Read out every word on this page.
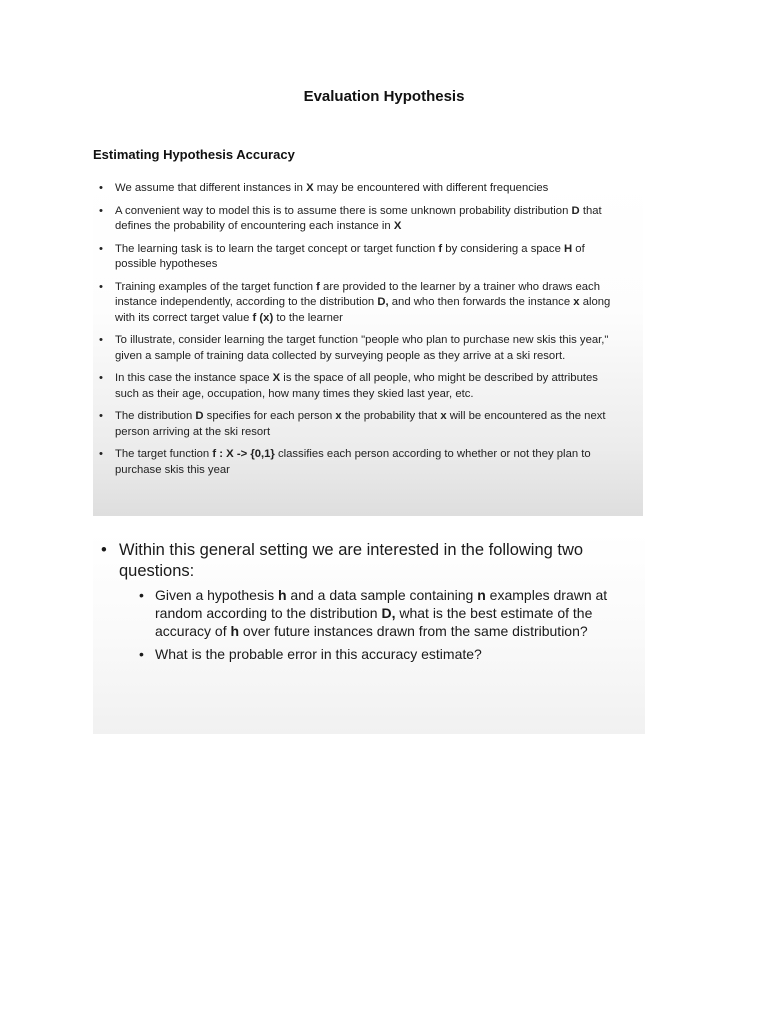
Evaluation Hypothesis
Estimating Hypothesis Accuracy
• We assume that different instances in X may be encountered with different frequencies
• A convenient way to model this is to assume there is some unknown probability distribution D that defines the probability of encountering each instance in X
• The learning task is to learn the target concept or target function f by considering a space H of possible hypotheses
• Training examples of the target function f are provided to the learner by a trainer who draws each instance independently, according to the distribution D, and who then forwards the instance x along with its correct target value f (x) to the learner
• To illustrate, consider learning the target function "people who plan to purchase new skis this year," given a sample of training data collected by surveying people as they arrive at a ski resort.
• In this case the instance space X is the space of all people, who might be described by attributes such as their age, occupation, how many times they skied last year, etc.
• The distribution D specifies for each person x the probability that x will be encountered as the next person arriving at the ski resort
• The target function f : X -> {0,1} classifies each person according to whether or not they plan to purchase skis this year
• Within this general setting we are interested in the following two questions:
• Given a hypothesis h and a data sample containing n examples drawn at random according to the distribution D, what is the best estimate of the accuracy of h over future instances drawn from the same distribution?
• What is the probable error in this accuracy estimate?
